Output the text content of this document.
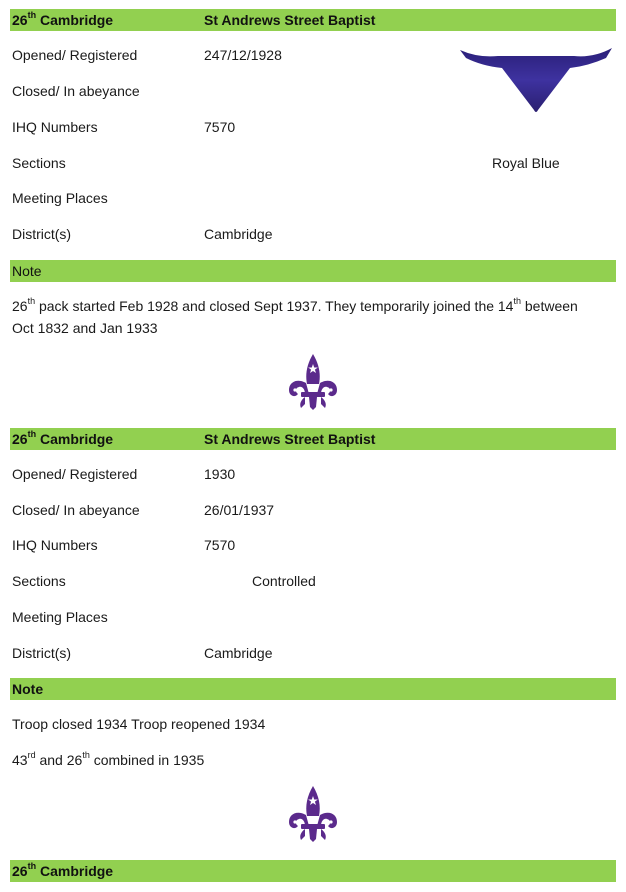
26th Cambridge	St Andrews Street Baptist
Opened/ Registered	247/12/1928
Closed/ In abeyance
IHQ Numbers	7570
Sections	Royal Blue
Meeting Places
District(s)	Cambridge
Note
26th pack started Feb 1928 and closed Sept 1937. They temporarily joined the 14th between
Oct 1832 and Jan 1933
26th Cambridge	St Andrews Street Baptist
Opened/ Registered	1930
Closed/ In abeyance	26/01/1937
IHQ Numbers	7570
Sections	Controlled
Meeting Places
District(s)	Cambridge
Note
Troop closed 1934 Troop reopened 1934
43rd and 26th combined in 1935
26th Cambridge
